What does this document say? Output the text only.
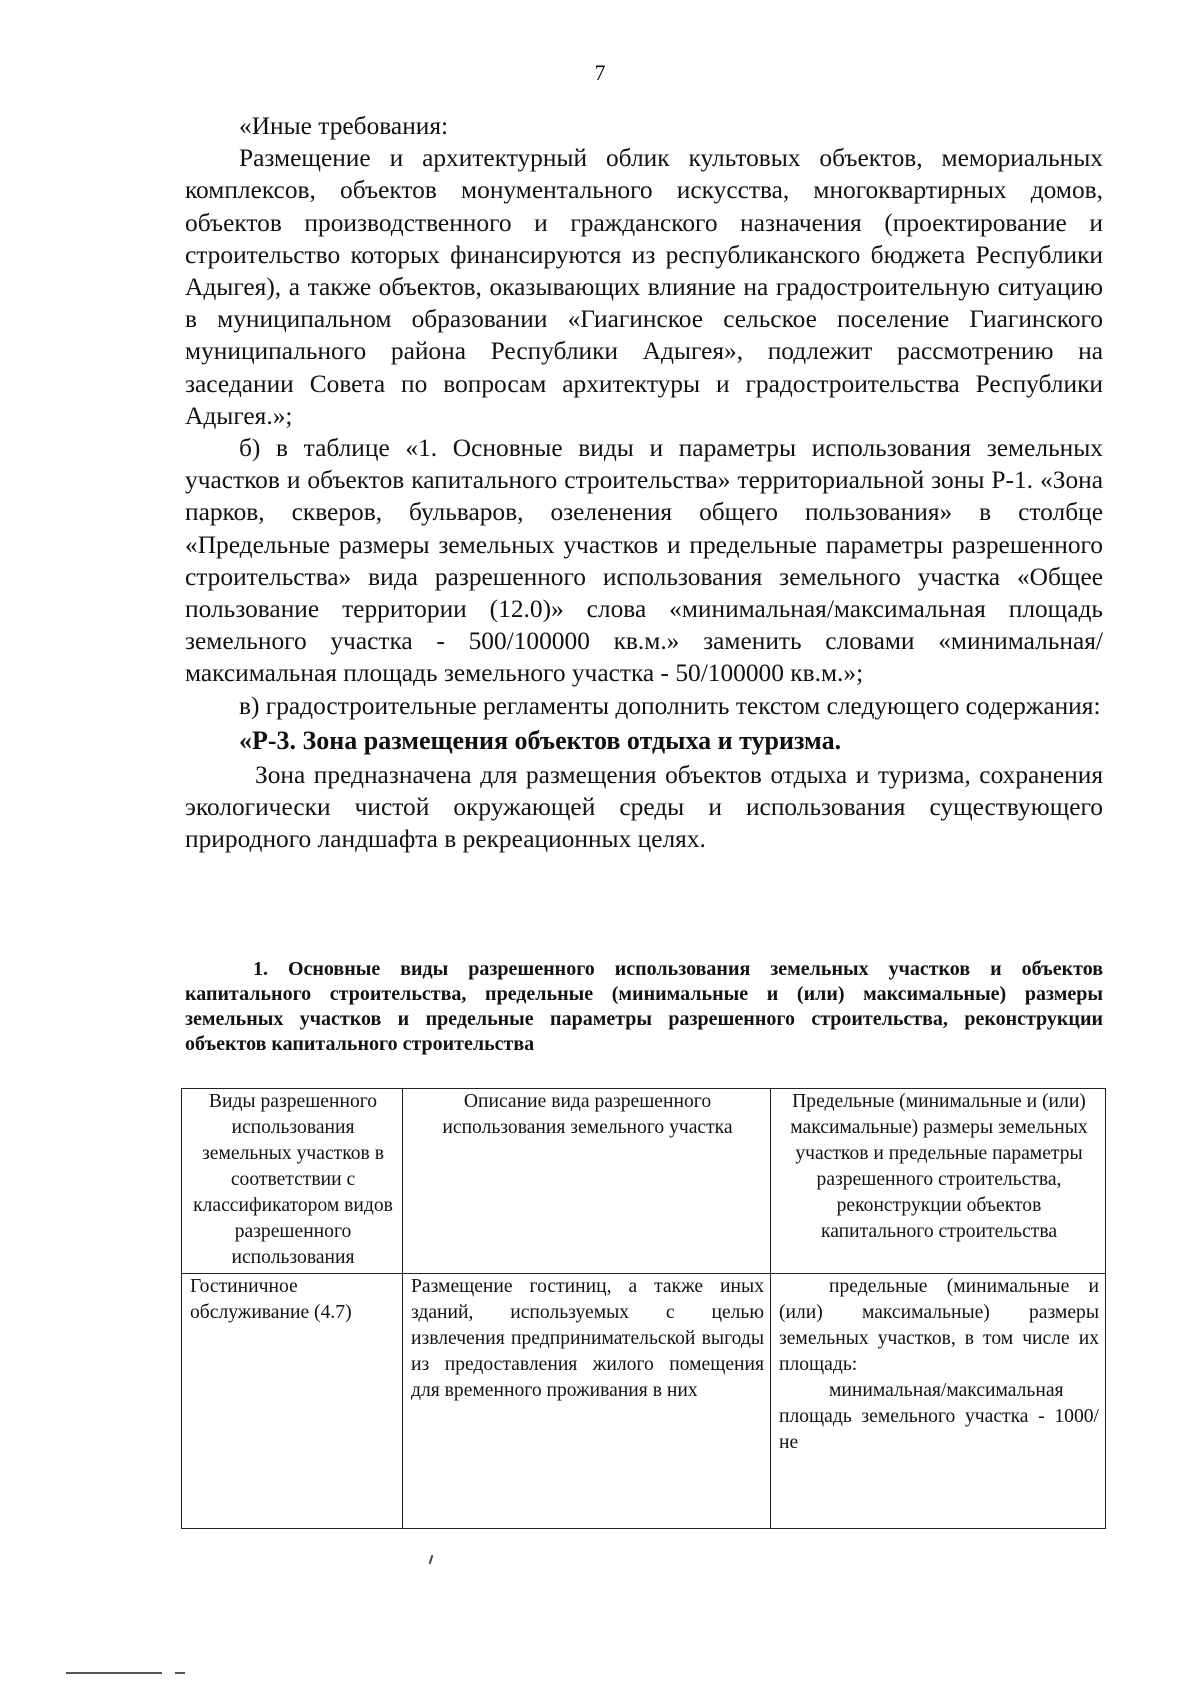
7

«Иные требования:

Размещение и архитектурный облик культовых объектов, мемориальных комплексов, объектов монументального искусства, многоквартирных домов, объектов производственного и гражданского назначения (проектирование и строительство которых финансируются из республиканского бюджета Республики Адыгея), а также объектов, оказывающих влияние на градостроительную ситуацию в муниципальном образовании «Гиагинское сельское поселение Гиагинского муниципального района Республики Адыгея», подлежит рассмотрению на заседании Совета по вопросам архитектуры и градостроительства Республики Адыгея.»;

б) в таблице «1. Основные виды и параметры использования земельных участков и объектов капитального строительства» территориальной зоны Р-1. «Зона парков, скверов, бульваров, озеленения общего пользования» в столбце «Предельные размеры земельных участков и предельные параметры разрешенного строительства» вида разрешенного использования земельного участка «Общее пользование территории (12.0)» слова «минимальная/максимальная площадь земельного участка - 500/100000 кв.м.» заменить словами «минимальная/максимальная площадь земельного участка - 50/100000 кв.м.»;

в) градостроительные регламенты дополнить текстом следующего содержания:

«Р-3. Зона размещения объектов отдыха и туризма.

Зона предназначена для размещения объектов отдыха и туризма, сохранения экологически чистой окружающей среды и использования существующего природного ландшафта в рекреационных целях.

1. Основные виды разрешенного использования земельных участков и объектов капитального строительства, предельные (минимальные и (или) максимальные) размеры земельных участков и предельные параметры разрешенного строительства, реконструкции объектов капитального строительства

Виды разрешенного использования земельных участков в соответствии с классификатором видов разрешенного использования	Описание вида разрешенного использования земельного участка	Предельные (минимальные и (или) максимальные) размеры земельных участков и предельные параметры разрешенного строительства, реконструкции объектов капитального строительства
Гостиничное обслуживание (4.7)	Размещение гостиниц, а также иных зданий, используемых с целью извлечения предпринимательской выгоды из предоставления жилого помещения для временного проживания в них	предельные (минимальные и (или) максимальные) размеры земельных участков, в том числе их площадь:
минимальная/максимальная площадь земельного участка - 1000/не
